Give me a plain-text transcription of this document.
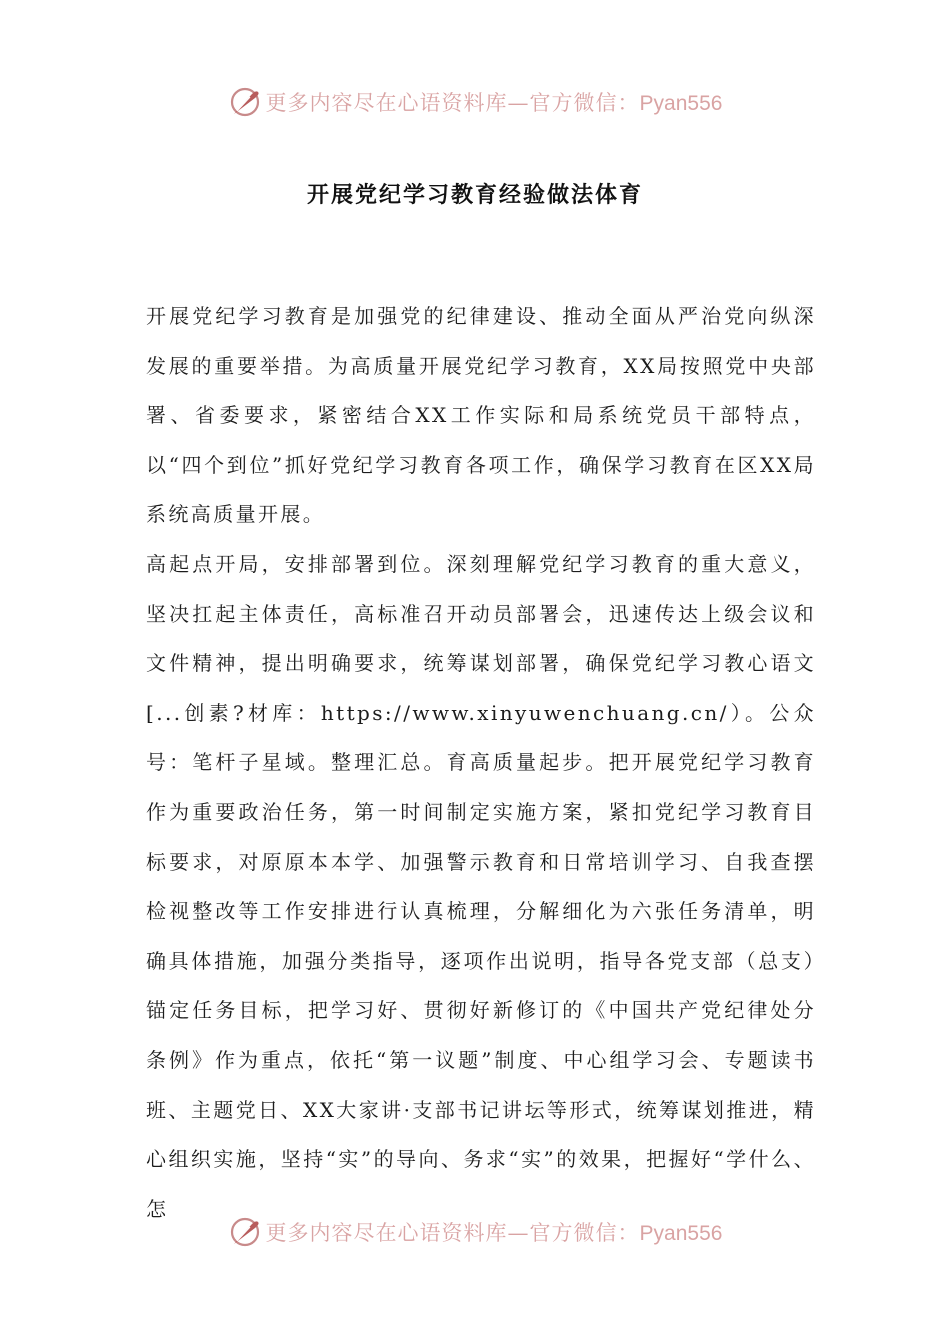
更多内容尽在心语资料库—官方微信：Pyan556
开展党纪学习教育经验做法体育

开展党纪学习教育是加强党的纪律建设、推动全面从严治党向纵深发展的重要举措。为高质量开展党纪学习教育，XX局按照党中央部署、省委要求，紧密结合XX工作实际和局系统党员干部特点，以“四个到位”抓好党纪学习教育各项工作，确保学习教育在区XX局系统高质量开展。

高起点开局，安排部署到位。深刻理解党纪学习教育的重大意义，坚决扛起主体责任，高标准召开动员部署会，迅速传达上级会议和文件精神，提出明确要求，统筹谋划部署，确保党纪学习教心语文[...创素?材库：https://www.xinyuwenchuang.cn/）。公众号：笔杆子星域。整理汇总。育高质量起步。把开展党纪学习教育作为重要政治任务，第一时间制定实施方案，紧扣党纪学习教育目标要求，对原原本本学、加强警示教育和日常培训学习、自我查摆检视整改等工作安排进行认真梳理，分解细化为六张任务清单，明确具体措施，加强分类指导，逐项作出说明，指导各党支部（总支）锚定任务目标，把学习好、贯彻好新修订的《中国共产党纪律处分条例》作为重点，依托“第一议题”制度、中心组学习会、专题读书班、主题党日、XX大家讲·支部书记讲坛等形式，统筹谋划推进，精心组织实施，坚持“实”的导向、务求“实”的效果，把握好“学什么、怎

更多内容尽在心语资料库—官方微信：Pyan556
